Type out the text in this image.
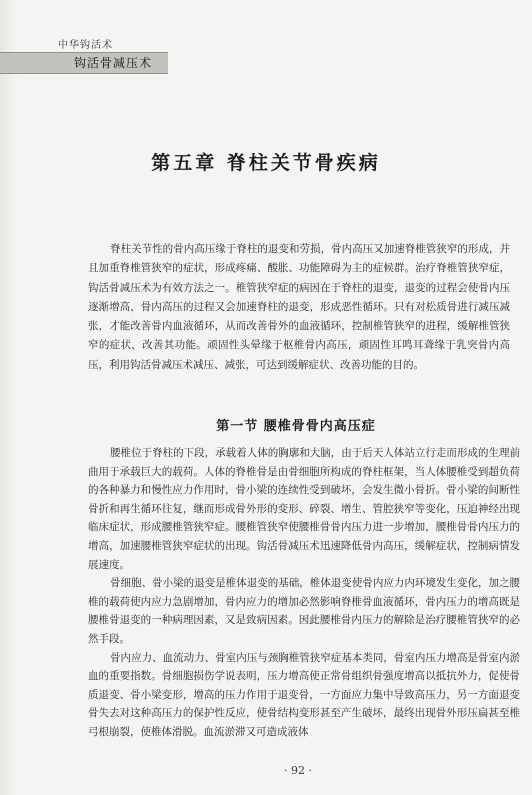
中华钩活术
钩活骨减压术
第五章 脊柱关节骨疾病

脊柱关节性的骨内高压缘于脊柱的退变和劳损，骨内高压又加速脊椎管狭窄的形成，并且加重脊椎管狭窄的症状，形成疼痛、酸胀、功能障碍为主的症候群。治疗脊椎管狭窄症，钩活骨减压术为有效方法之一。椎管狭窄症的病因在于脊柱的退变，退变的过程会使骨内压逐渐增高，骨内高压的过程又会加速脊柱的退变，形成恶性循环。只有对松质骨进行减压减张，才能改善骨内血液循环，从而改善骨外的血液循环，控制椎管狭窄的进程，缓解椎管狭窄的症状，改善其功能。顽固性头晕缘于枢椎骨内高压，顽固性耳鸣耳聋缘于乳突骨内高压，利用钩活骨减压术减压、减张，可达到缓解症状、改善功能的目的。

第一节 腰椎骨骨内高压症

腰椎位于脊柱的下段，承载着人体的胸廓和大脑，由于后天人体站立行走而形成的生理前曲用于承载巨大的载荷。人体的脊椎骨是由骨细胞所构成的脊柱框架，当人体腰椎受到超负荷的各种暴力和慢性应力作用时，骨小梁的连续性受到破坏，会发生微小骨折。骨小梁的间断性骨折和再生循环往复，继而形成骨外形的变形、碎裂、增生、管腔狭窄等变化，压迫神经出现临床症状，形成腰椎管狭窄症。腰椎管狭窄使腰椎骨骨内压力进一步增加，腰椎骨骨内压力的增高，加速腰椎管狭窄症状的出现。钩活骨减压术迅速降低骨内高压，缓解症状，控制病情发展速度。

骨细胞、骨小梁的退变是椎体退变的基础，椎体退变使骨内应力内环境发生变化，加之腰椎的载荷使内应力急剧增加，骨内应力的增加必然影响脊椎骨血液循环，骨内压力的增高既是腰椎骨退变的一种病理因素，又是致病因素。因此腰椎骨内压力的解除是治疗腰椎管狭窄的必然手段。

骨内应力、血流动力、骨室内压与颈胸椎管狭窄症基本类同，骨室内压力增高是骨室内淤血的重要指数。骨细胞损伤学说表明，压力增高使正常骨组织骨强度增高以抵抗外力，促使骨质退变、骨小梁变形，增高的压力作用于退变骨，一方面应力集中导致高压力，另一方面退变骨失去对这种高压力的保护性反应，使骨结构变形甚至产生破坏，最终出现骨外形压扁甚至椎弓根崩裂，使椎体滑脱。血流淤滞又可造成液体

· 92 ·
